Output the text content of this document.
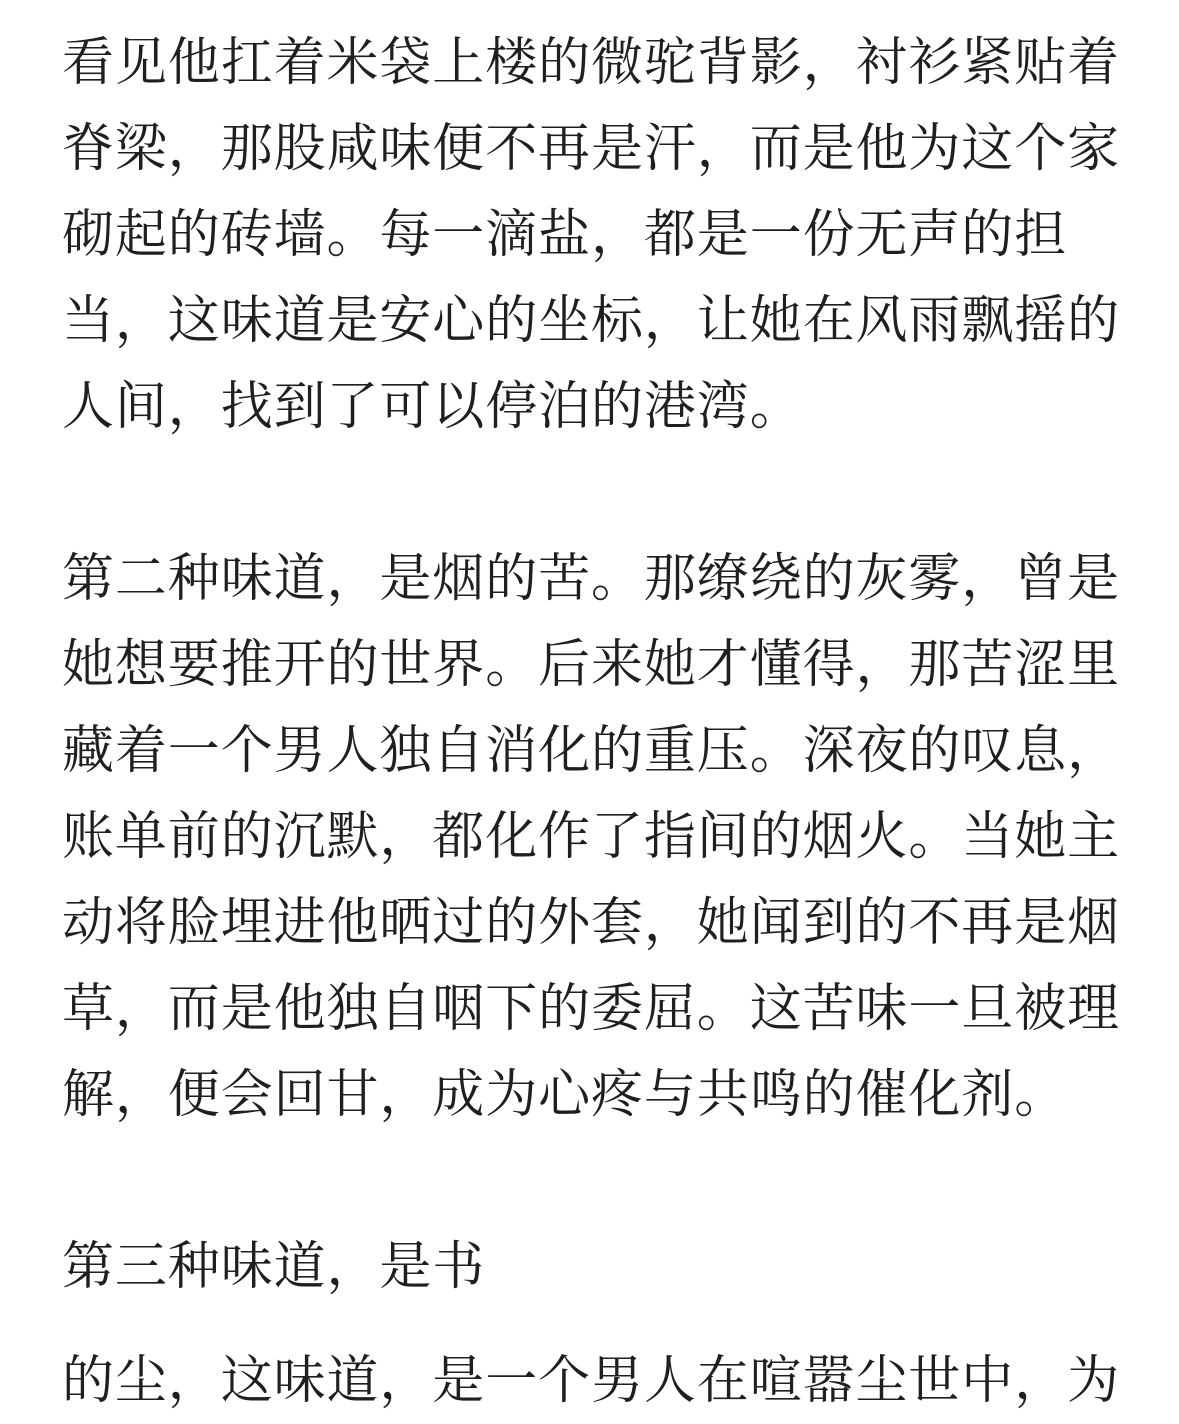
看见他扛着米袋上楼的微驼背影，衬衫紧贴着
脊梁，那股咸味便不再是汗，而是他为这个家
砌起的砖墙。每一滴盐，都是一份无声的担
当，这味道是安心的坐标，让她在风雨飘摇的
人间，找到了可以停泊的港湾。

第二种味道，是烟的苦。那缭绕的灰雾，曾是
她想要推开的世界。后来她才懂得，那苦涩里
藏着一个男人独自消化的重压。深夜的叹息，
账单前的沉默，都化作了指间的烟火。当她主
动将脸埋进他晒过的外套，她闻到的不再是烟
草，而是他独自咽下的委屈。这苦味一旦被理
解，便会回甘，成为心疼与共鸣的催化剂。

第三种味道，是书

的尘，这味道，是一个男人在喧嚣尘世中，为
